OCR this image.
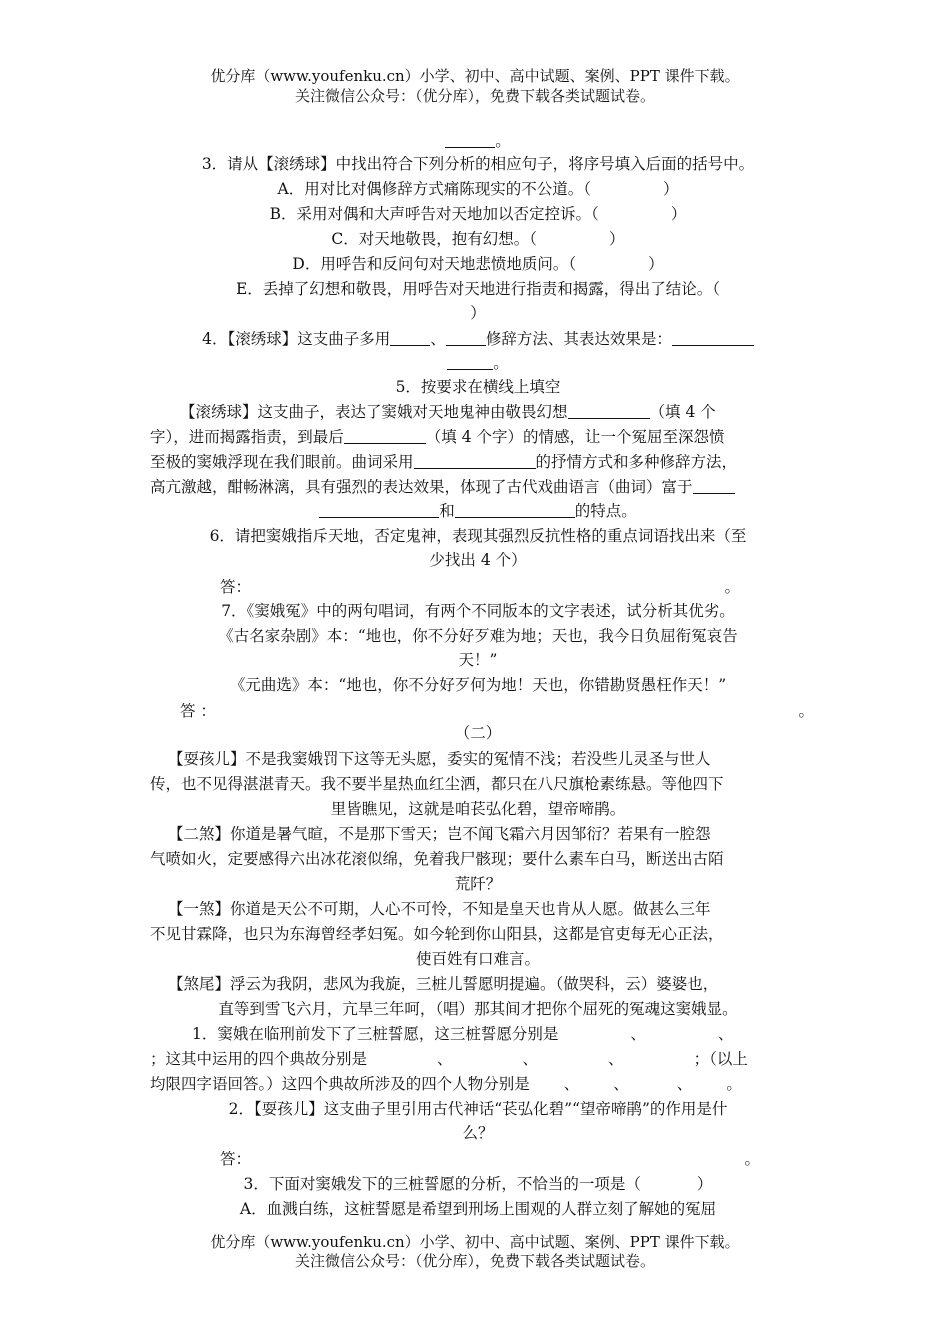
优分库（www.youfenku.cn）小学、初中、高中试题、案例、PPT 课件下载。
关注微信公众号：（优分库），免费下载各类试题试卷。
。
3．请从【滚绣球】中找出符合下列分析的相应句子，将序号填入后面的括号中。
A．用对比对偶修辞方式痛陈现实的不公道。（	）
B．采用对偶和大声呼告对天地加以否定控诉。（	）
C．对天地敬畏，抱有幻想。（	）
D．用呼告和反问句对天地悲愤地质问。（	）
E．丢掉了幻想和敬畏，用呼告对天地进行指责和揭露，得出了结论。（
）
4．【滚绣球】这支曲子多用	、	修辞方法、其表达效果是：
。
5．按要求在横线上填空
【滚绣球】这支曲子，表达了窦娥对天地鬼神由敬畏幻想	（填 4 个
字），进而揭露指责，到最后	（填 4 个字）的情感，让一个冤屈至深怨愤
至极的窦娥浮现在我们眼前。曲词采用	的抒情方式和多种修辞方法，
高亢激越，酣畅淋漓，具有强烈的表达效果，体现了古代戏曲语言（曲词）富于
和	的特点。
6．请把窦娥指斥天地，否定鬼神，表现其强烈反抗性格的重点词语找出来（至
少找出 4 个）
答：	。
7．《窦娥冤》中的两句唱词，有两个不同版本的文字表述，试分析其优劣。
《古名家杂剧》本：“地也，你不分好歹难为地；天也，我今日负屈衔冤哀告
天！”
《元曲选》本：“地也，你不分好歹何为地！天也，你错勘贤愚枉作天！”
答 ：	。
（二）
【耍孩儿】不是我窦娥罚下这等无头愿，委实的冤情不浅；若没些儿灵圣与世人
传，也不见得湛湛青天。我不要半星热血红尘洒，都只在八尺旗枪素练悬。等他四下
里皆瞧见，这就是咱苌弘化碧，望帝啼鹃。
【二煞】你道是暑气暄，不是那下雪天；岂不闻飞霜六月因邹衍？若果有一腔怨
气喷如火，定要感得六出冰花滚似绵，免着我尸骸现；要什么素车白马，断送出古陌
荒阡？
【一煞】你道是天公不可期，人心不可怜，不知是皇天也肯从人愿。做甚么三年
不见甘霖降，也只为东海曾经孝妇冤。如今轮到你山阳县，这都是官吏每无心正法，
使百姓有口难言。
【煞尾】浮云为我阴，悲风为我旋，三桩儿誓愿明提遍。（做哭科，云）婆婆也，
直等到雪飞六月，亢旱三年呵，（唱）那其间才把你个屈死的冤魂这窦娥显。
1．窦娥在临刑前发下了三桩誓愿，这三桩誓愿分别是	、	、
；这其中运用的四个典故分别是	、	、	、	；（以上
均限四字语回答。）这四个典故所涉及的四个人物分别是 、 、	、 。
2．【耍孩儿】这支曲子里引用古代神话“苌弘化碧”“望帝啼鹃”的作用是什
么？
答：	。
3．下面对窦娥发下的三桩誓愿的分析，不恰当的一项是（	）
A．血溅白练，这桩誓愿是希望到刑场上围观的人群立刻了解她的冤屈
优分库（www.youfenku.cn）小学、初中、高中试题、案例、PPT 课件下载。
关注微信公众号：（优分库），免费下载各类试题试卷。
